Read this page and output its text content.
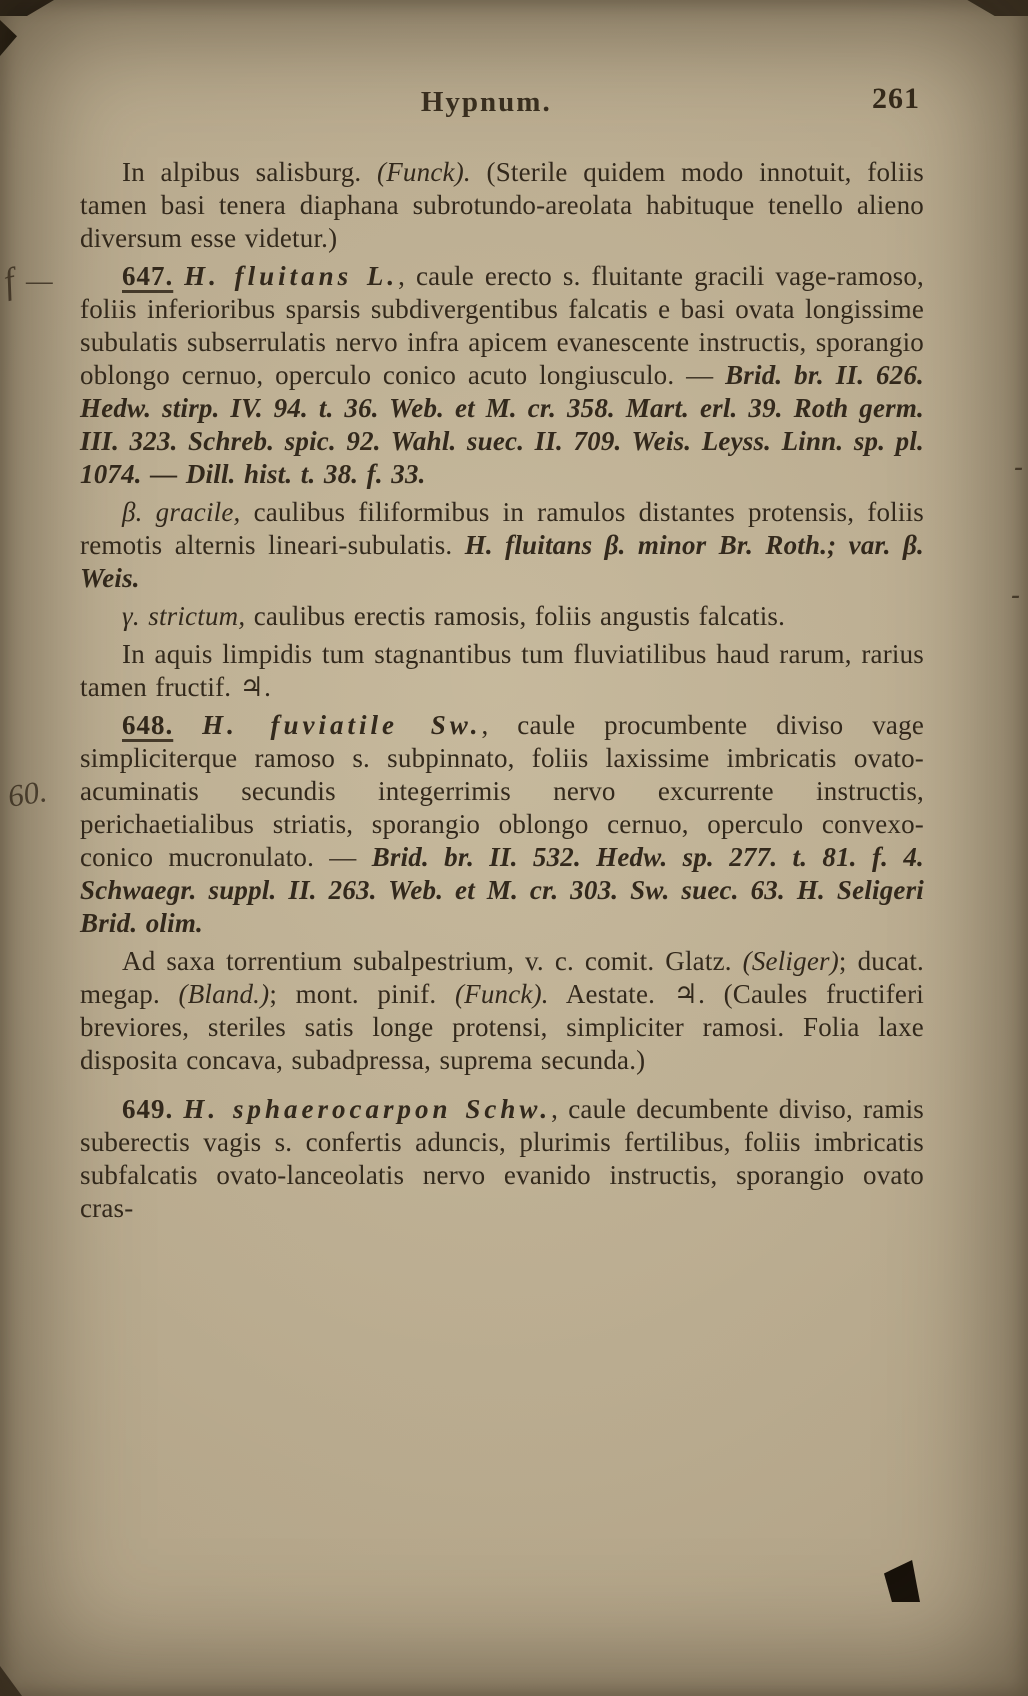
f —
60.
-
-
Hypnum.	261

In alpibus salisburg. (Funck). (Sterile quidem modo innotuit, foliis tamen basi tenera diaphana subrotundo-areolata habituque tenello alieno diversum esse videtur.)

647. H. fluitans L., caule erecto s. fluitante gracili vage-ramoso, foliis inferioribus sparsis subdivergentibus falcatis e basi ovata longissime subulatis subserrulatis nervo infra apicem evanescente instructis, sporangio oblongo cernuo, operculo conico acuto longiusculo. — Brid. br. II. 626. Hedw. stirp. IV. 94. t. 36. Web. et M. cr. 358. Mart. erl. 39. Roth germ. III. 323. Schreb. spic. 92. Wahl. suec. II. 709. Weis. Leyss. Linn. sp. pl. 1074. — Dill. hist. t. 38. f. 33.

β. gracile, caulibus filiformibus in ramulos distantes protensis, foliis remotis alternis lineari-subulatis. H. fluitans β. minor Br. Roth.; var. β. Weis.

γ. strictum, caulibus erectis ramosis, foliis angustis falcatis.

In aquis limpidis tum stagnantibus tum fluviatilibus haud rarum, rarius tamen fructif. ♃.

648. H. fuviatile Sw., caule procumbente diviso vage simpliciterque ramoso s. subpinnato, foliis laxissime imbricatis ovato-acuminatis secundis integerrimis nervo excurrente instructis, perichaetialibus striatis, sporangio oblongo cernuo, operculo convexo-conico mucronulato. — Brid. br. II. 532. Hedw. sp. 277. t. 81. f. 4. Schwaegr. suppl. II. 263. Web. et M. cr. 303. Sw. suec. 63. H. Seligeri Brid. olim.

Ad saxa torrentium subalpestrium, v. c. comit. Glatz. (Seliger); ducat. megap. (Bland.); mont. pinif. (Funck). Aestate. ♃. (Caules fructiferi breviores, steriles satis longe protensi, simpliciter ramosi. Folia laxe disposita concava, subadpressa, suprema secunda.)

649. H. sphaerocarpon Schw., caule decumbente diviso, ramis suberectis vagis s. confertis aduncis, plurimis fertilibus, foliis imbricatis subfalcatis ovato-lanceolatis nervo evanido instructis, sporangio ovato cras-
